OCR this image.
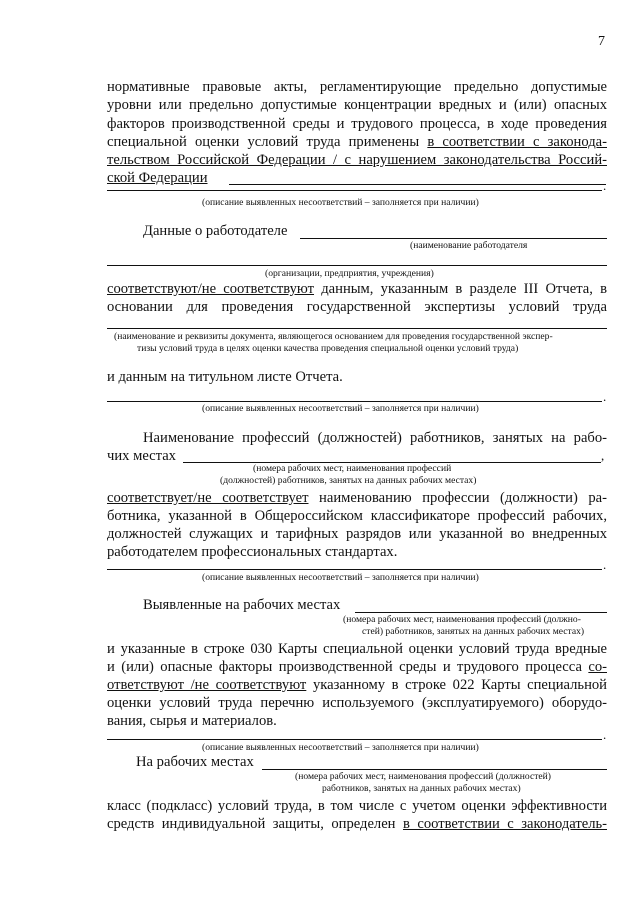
7
нормативные правовые акты, регламентирующие предельно допустимые
уровни или предельно допустимые концентрации вредных и (или) опасных
факторов производственной среды и трудового процесса, в ходе проведения
специальной оценки условий труда применены в соответствии с законода-
тельством Российской Федерации / с нарушением законодательства Россий-
ской Федерации	.
(описание выявленных несоответствий – заполняется при наличии)
Данные о работодателе
(наименование работодателя
(организации, предприятия, учреждения)
соответствуют/не соответствуют данным, указанным в разделе III Отчета, в
основании для проведения государственной экспертизы условий труда
(наименование и реквизиты документа, являющегося основанием для проведения государственной экспер-
тизы условий труда в целях оценки качества проведения специальной оценки условий труда)
и данным на титульном листе Отчета.
.
(описание выявленных несоответствий – заполняется при наличии)
Наименование профессий (должностей) работников, занятых на рабо-
чих местах	,
(номера рабочих мест, наименования профессий
(должностей) работников, занятых на данных рабочих местах)
соответствует/не соответствует наименованию профессии (должности) ра-
ботника, указанной в Общероссийском классификаторе профессий рабочих,
должностей служащих и тарифных разрядов или указанной во внедренных
работодателем профессиональных стандартах.
.
(описание выявленных несоответствий – заполняется при наличии)
Выявленные на рабочих местах
(номера рабочих мест, наименования профессий (должно-
стей) работников, занятых на данных рабочих местах)
и указанные в строке 030 Карты специальной оценки условий труда вредные
и (или) опасные факторы производственной среды и трудового процесса со-
ответствуют /не соответствуют указанному в строке 022 Карты специальной
оценки условий труда перечню используемого (эксплуатируемого) оборудо-
вания, сырья и материалов.
.
(описание выявленных несоответствий – заполняется при наличии)
На рабочих местах
(номера рабочих мест, наименования профессий (должностей)
работников, занятых на данных рабочих местах)
класс (подкласс) условий труда, в том числе с учетом оценки эффективности
средств индивидуальной защиты, определен в соответствии с законодатель-
